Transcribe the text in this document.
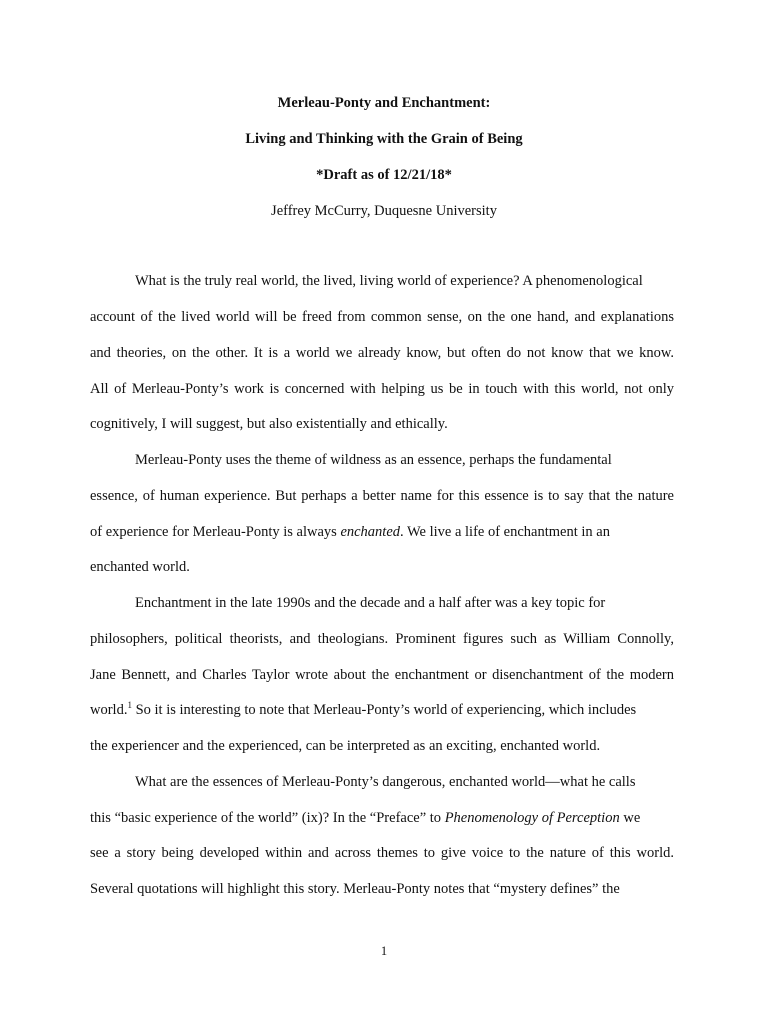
Merleau-Ponty and Enchantment:
Living and Thinking with the Grain of Being
*Draft as of 12/21/18*
Jeffrey McCurry, Duquesne University
What is the truly real world, the lived, living world of experience? A phenomenological
account of the lived world will be freed from common sense, on the one hand, and explanations
and theories, on the other. It is a world we already know, but often do not know that we know.
All of Merleau-Ponty’s work is concerned with helping us be in touch with this world, not only
cognitively, I will suggest, but also existentially and ethically.
Merleau-Ponty uses the theme of wildness as an essence, perhaps the fundamental
essence, of human experience. But perhaps a better name for this essence is to say that the nature
of experience for Merleau-Ponty is always enchanted. We live a life of enchantment in an
enchanted world.
Enchantment in the late 1990s and the decade and a half after was a key topic for
philosophers, political theorists, and theologians. Prominent figures such as William Connolly,
Jane Bennett, and Charles Taylor wrote about the enchantment or disenchantment of the modern
world.$^1$ So it is interesting to note that Merleau-Ponty’s world of experiencing, which includes
the experiencer and the experienced, can be interpreted as an exciting, enchanted world.
What are the essences of Merleau-Ponty’s dangerous, enchanted world—what he calls
this “basic experience of the world” (ix)? In the “Preface” to Phenomenology of Perception we
see a story being developed within and across themes to give voice to the nature of this world.
Several quotations will highlight this story. Merleau-Ponty notes that “mystery defines” the
1
